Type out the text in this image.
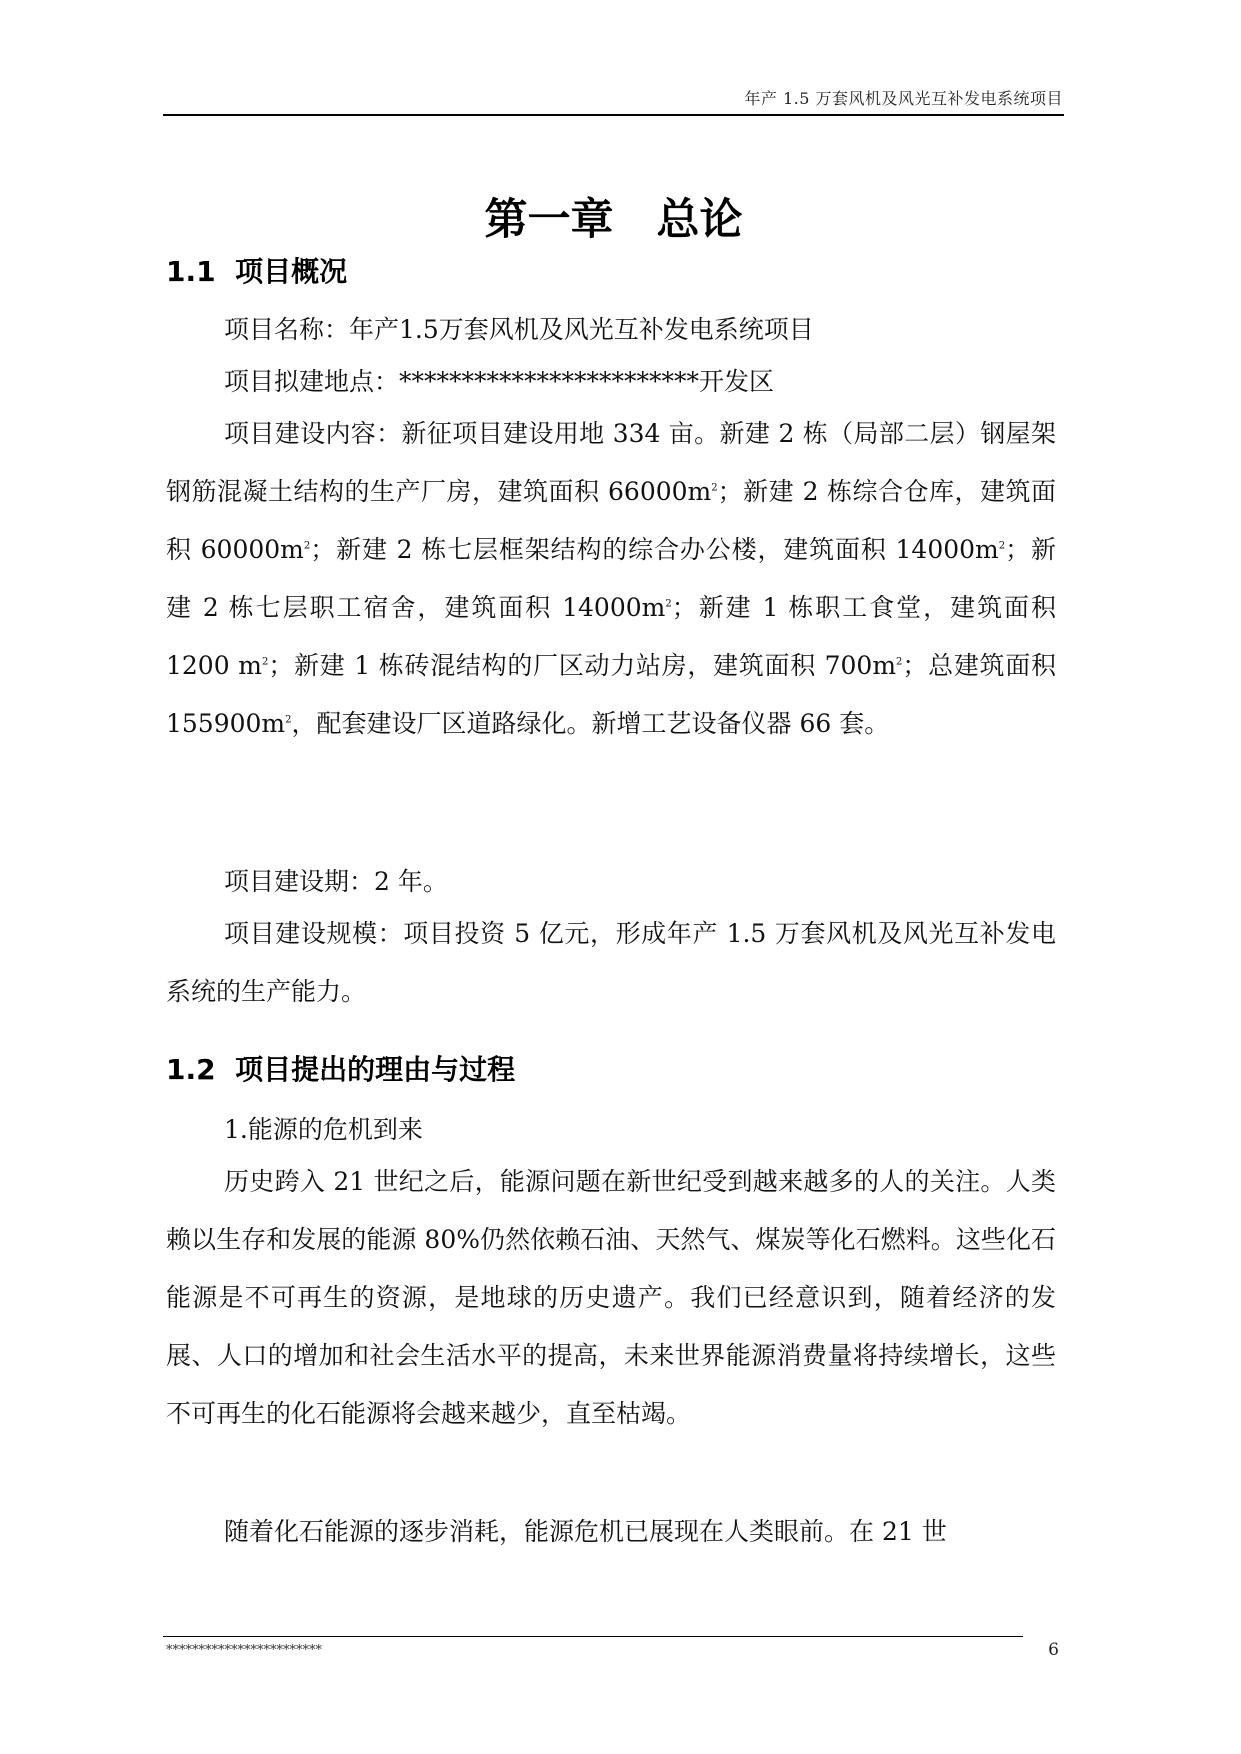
年产 1.5 万套风机及风光互补发电系统项目
第一章　总论
1.1  项目概况
项目名称：年产1.5万套风机及风光互补发电系统项目
项目拟建地点：************************开发区
项目建设内容：新征项目建设用地 334 亩。新建 2 栋（局部二层）钢屋架钢筋混凝土结构的生产厂房，建筑面积 $66000m^2$；新建 2 栋综合仓库，建筑面积 $60000m^2$；新建 2 栋七层框架结构的综合办公楼，建筑面积 $14000m^2$；新建 2 栋七层职工宿舍，建筑面积 $14000m^2$；新建 1 栋职工食堂，建筑面积 1200 $m^2$；新建 1 栋砖混结构的厂区动力站房，建筑面积 $700m^2$；总建筑面积 $155900m^2$，配套建设厂区道路绿化。新增工艺设备仪器 66 套。
项目建设期：2 年。
项目建设规模：项目投资 5 亿元，形成年产 1.5 万套风机及风光互补发电系统的生产能力。
1.2  项目提出的理由与过程
1.能源的危机到来
历史跨入 21 世纪之后，能源问题在新世纪受到越来越多的人的关注。人类赖以生存和发展的能源 80%仍然依赖石油、天然气、煤炭等化石燃料。这些化石能源是不可再生的资源，是地球的历史遗产。我们已经意识到，随着经济的发展、人口的增加和社会生活水平的提高，未来世界能源消费量将持续增长，这些不可再生的化石能源将会越来越少，直至枯竭。
随着化石能源的逐步消耗，能源危机已展现在人类眼前。在 21 世
************************	6
